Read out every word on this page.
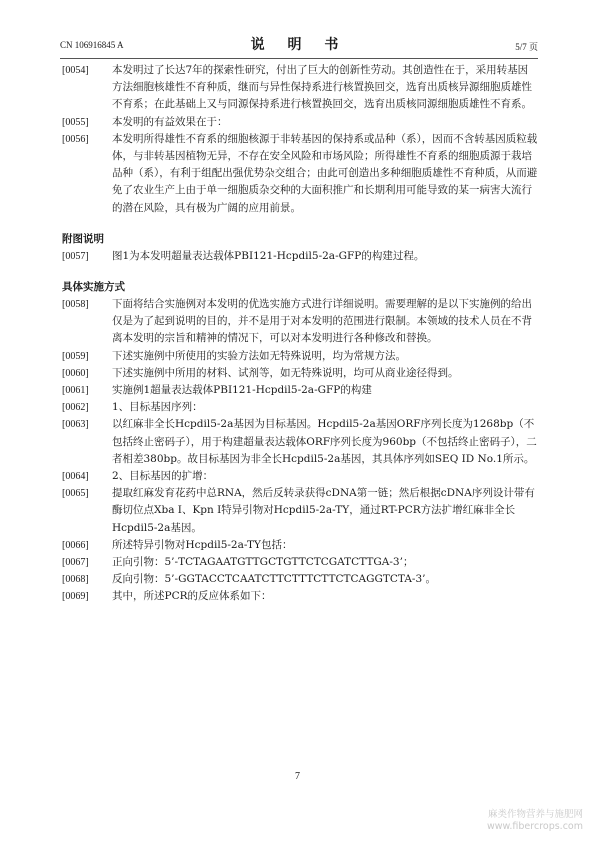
CN 106916845 A	说 明 书	5/7 页

[0054] 本发明过了长达7年的探索性研究，付出了巨大的创新性劳动。其创造性在于，采用转基因方法细胞核雄性不育种质，继而与异性保持系进行核置换回交，选育出质核异源细胞质雄性不育系；在此基础上又与同源保持系进行核置换回交，选育出质核同源细胞质雄性不育系。

[0055] 本发明的有益效果在于：

[0056] 本发明所得雄性不育系的细胞核源于非转基因的保持系或品种（系），因而不含转基因质粒载体，与非转基因植物无异，不存在安全风险和市场风险；所得雄性不育系的细胞质源于栽培品种（系），有利于组配出强优势杂交组合；由此可创造出多种细胞质雄性不育种质，从而避免了农业生产上由于单一细胞质杂交种的大面积推广和长期利用可能导致的某一病害大流行的潜在风险，具有极为广阔的应用前景。

附图说明

[0057] 图1为本发明超量表达载体PBI121-Hcpdil5-2a-GFP的构建过程。

具体实施方式

[0058] 下面将结合实施例对本发明的优选实施方式进行详细说明。需要理解的是以下实施例的给出仅是为了起到说明的目的，并不是用于对本发明的范围进行限制。本领域的技术人员在不背离本发明的宗旨和精神的情况下，可以对本发明进行各种修改和替换。

[0059] 下述实施例中所使用的实验方法如无特殊说明，均为常规方法。

[0060] 下述实施例中所用的材料、试剂等，如无特殊说明，均可从商业途径得到。

[0061] 实施例1超量表达载体PBI121-Hcpdil5-2a-GFP的构建

[0062] 1、目标基因序列：

[0063] 以红麻非全长Hcpdil5-2a基因为目标基因。Hcpdil5-2a基因ORF序列长度为1268bp（不包括终止密码子），用于构建超量表达载体ORF序列长度为960bp（不包括终止密码子），二者相差380bp。故目标基因为非全长Hcpdil5-2a基因，其具体序列如SEQ ID No.1所示。

[0064] 2、目标基因的扩增：

[0065] 提取红麻发育花药中总RNA，然后反转录获得cDNA第一链；然后根据cDNA序列设计带有酶切位点Xba Ⅰ、Kpn Ⅰ特异引物对Hcpdil5-2a-TY，通过RT-PCR方法扩增红麻非全长Hcpdil5-2a基因。

[0066] 所述特异引物对Hcpdil5-2a-TY包括：

[0067] 正向引物：5’-TCTAGAATGTTGCTGTTCTCGATCTTGA-3’；

[0068] 反向引物：5’-GGTACCTCAATCTTCTTTCTTCTCAGGTCTA-3’。

[0069] 其中，所述PCR的反应体系如下：

7
麻类作物营养与施肥网
www.fibercrops.com
